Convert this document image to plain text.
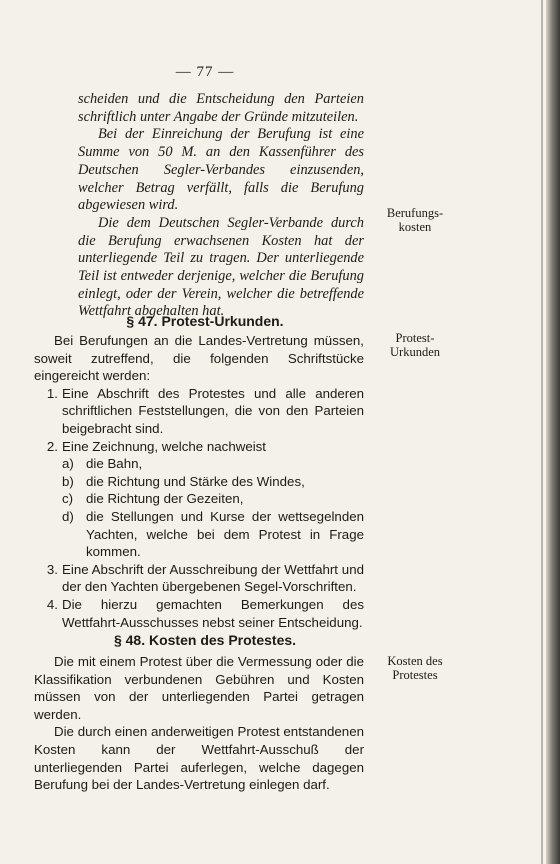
— 77 —

scheiden und die Entscheidung den Parteien schriftlich unter Angabe der Gründe mitzuteilen.

Bei der Einreichung der Berufung ist eine Summe von 50 M. an den Kassenführer des Deutschen Segler-Verbandes einzusenden, welcher Betrag verfällt, falls die Berufung abgewiesen wird.

Die dem Deutschen Segler-Verbande durch die Berufung erwachsenen Kosten hat der unterliegende Teil zu tragen. Der unterliegende Teil ist entweder derjenige, welcher die Berufung einlegt, oder der Verein, welcher die betreffende Wettfahrt abgehalten hat.

Berufungs-
kosten
§ 47. Protest-Urkunden.

Bei Berufungen an die Landes-Vertretung müssen, soweit zutreffend, die folgenden Schriftstücke eingereicht werden:

1. Eine Abschrift des Protestes und alle anderen schriftlichen Feststellungen, die von den Parteien beigebracht sind.
2. Eine Zeichnung, welche nachweist
a) die Bahn,
b) die Richtung und Stärke des Windes,
c) die Richtung der Gezeiten,
d) die Stellungen und Kurse der wettsegelnden Yachten, welche bei dem Protest in Frage kommen.
3. Eine Abschrift der Ausschreibung der Wettfahrt und der den Yachten übergebenen Segel-Vorschriften.
4. Die hierzu gemachten Bemerkungen des Wettfahrt-Ausschusses nebst seiner Entscheidung.
Protest-
Urkunden
§ 48. Kosten des Protestes.

Die mit einem Protest über die Vermessung oder die Klassifikation verbundenen Gebühren und Kosten müssen von der unterliegenden Partei getragen werden.

Die durch einen anderweitigen Protest entstandenen Kosten kann der Wettfahrt-Ausschuß der unterliegenden Partei auferlegen, welche dagegen Berufung bei der Landes-Vertretung einlegen darf.

Kosten des
Protestes
